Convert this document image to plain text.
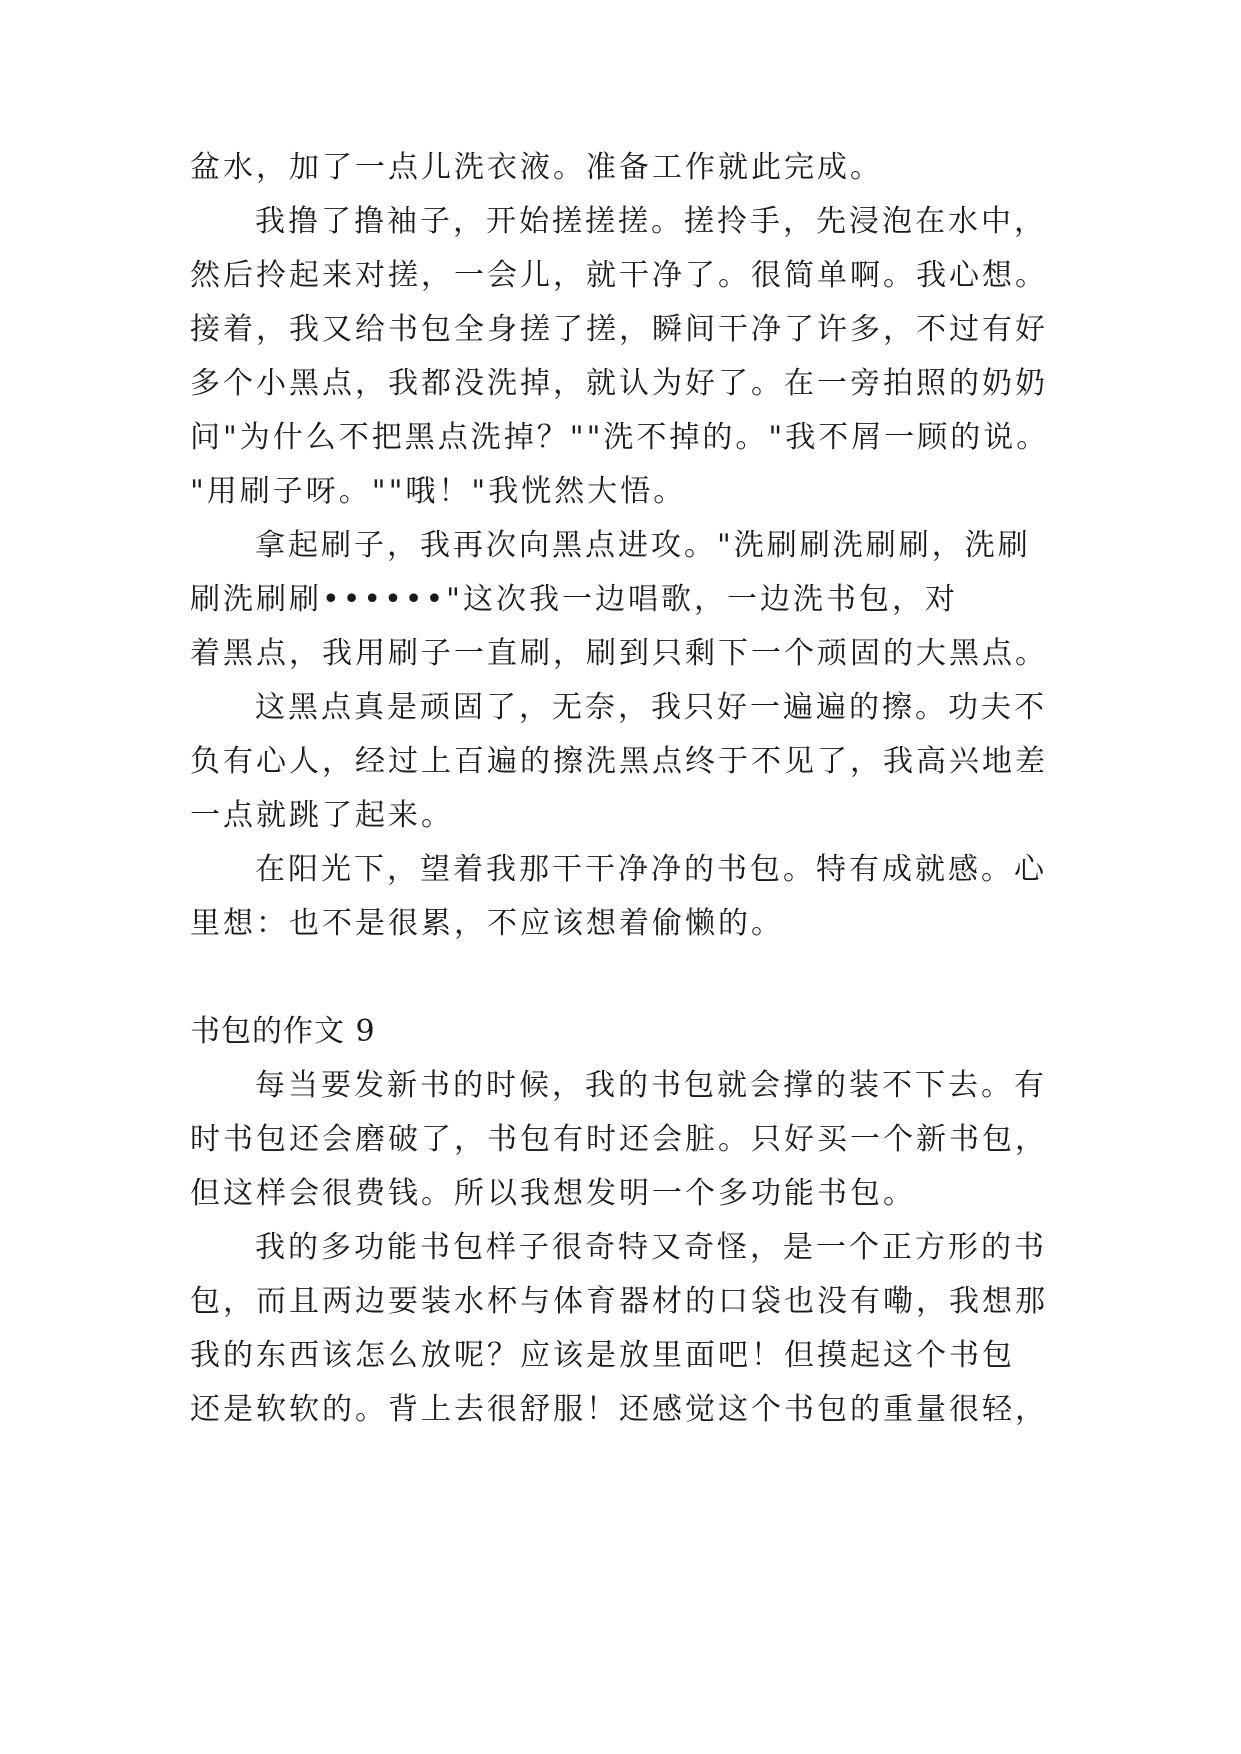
盆水，加了一点儿洗衣液。准备工作就此完成。
我撸了撸袖子，开始搓搓搓。搓拎手，先浸泡在水中，
然后拎起来对搓，一会儿，就干净了。很简单啊。我心想。
接着，我又给书包全身搓了搓，瞬间干净了许多，不过有好
多个小黑点，我都没洗掉，就认为好了。在一旁拍照的奶奶
问"为什么不把黑点洗掉？""洗不掉的。"我不屑一顾的说。
"用刷子呀。""哦！"我恍然大悟。
拿起刷子，我再次向黑点进攻。"洗刷刷洗刷刷，洗刷
刷洗刷刷••••••"这次我一边唱歌，一边洗书包，对
着黑点，我用刷子一直刷，刷到只剩下一个顽固的大黑点。
这黑点真是顽固了，无奈，我只好一遍遍的擦。功夫不
负有心人，经过上百遍的擦洗黑点终于不见了，我高兴地差
一点就跳了起来。
在阳光下，望着我那干干净净的书包。特有成就感。心
里想：也不是很累，不应该想着偷懒的。
书包的作文 9
每当要发新书的时候，我的书包就会撑的装不下去。有
时书包还会磨破了，书包有时还会脏。只好买一个新书包，
但这样会很费钱。所以我想发明一个多功能书包。
我的多功能书包样子很奇特又奇怪，是一个正方形的书
包，而且两边要装水杯与体育器材的口袋也没有嘞，我想那
我的东西该怎么放呢？应该是放里面吧！但摸起这个书包
还是软软的。背上去很舒服！还感觉这个书包的重量很轻，
